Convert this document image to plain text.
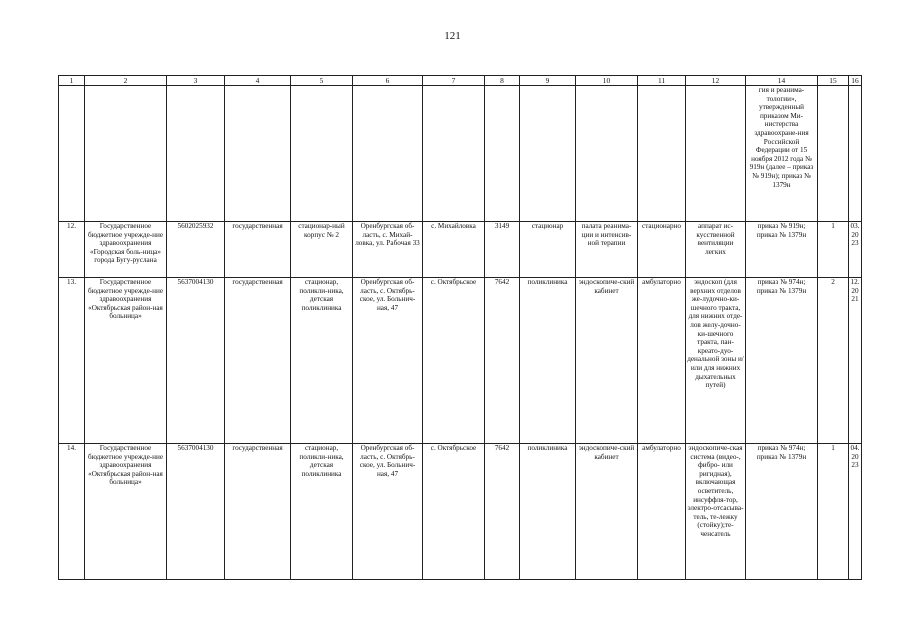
121
1	2	3	4	5	6	7	8	9	10	11	12	14	15	16
												гия и реанима-тологии», утвержденный приказом Ми-нистерства здравоохране-ния Российской Федерации от 15 ноября 2012 года № 919н (далее – приказ № 919н); приказ № 1379н		
12.	Государственное бюджетное учрежде-ние здравоохранения «Городская боль-ница» города Бугу-руслана	5602025932	государственная	стационар-ный корпус № 2	Оренбургская об-ласть, с. Михай-ловка, ул. Рабочая 33	с. Михайловка	3149	стационар	палата реанима-ции и интенсив-ной терапии	стационарно	аппарат ис-кусственной вентиляции легких	приказ № 919н; приказ № 1379н	1	03.2023
13.	Государственное бюджетное учрежде-ние здравоохранения «Октябрьская район-ная больница»	5637004130	государственная	стационар, поликли-ника, детская поликлиника	Оренбургская об-ласть, с. Октябрь-ское, ул. Больнич-ная, 47	с. Октябрьское	7642	поликлиника	эндоскопиче-ский кабинет	амбулаторно	эндоскоп (для верхних отделов же-лудочно-ки-шечного тракта, для нижних отде-лов желу-дочно-ки-шечного тракта, пан-креато-дуо-денальной зоны и/или для нижних дыхательных путей)	приказ № 974н; приказ № 1379н	2	12.2021
14.	Государственное бюджетное учрежде-ние здравоохранения «Октябрьская район-ная больница»	5637004130	государственная	стационар, поликли-ника, детская поликлиника	Оренбургская об-ласть, с. Октябрь-ское, ул. Больнич-ная, 47	с. Октябрьское	7642	поликлиника	эндоскопиче-ский кабинет	амбулаторно	эндоскопиче-ская система (видео-, фибро- или ригидная), включающая осветитель, инсуффля-тор, электро-отсасыва-тель, те-лежку (стойку);те-ченсатель	приказ № 974н; приказ № 1379н	1	04.2023
